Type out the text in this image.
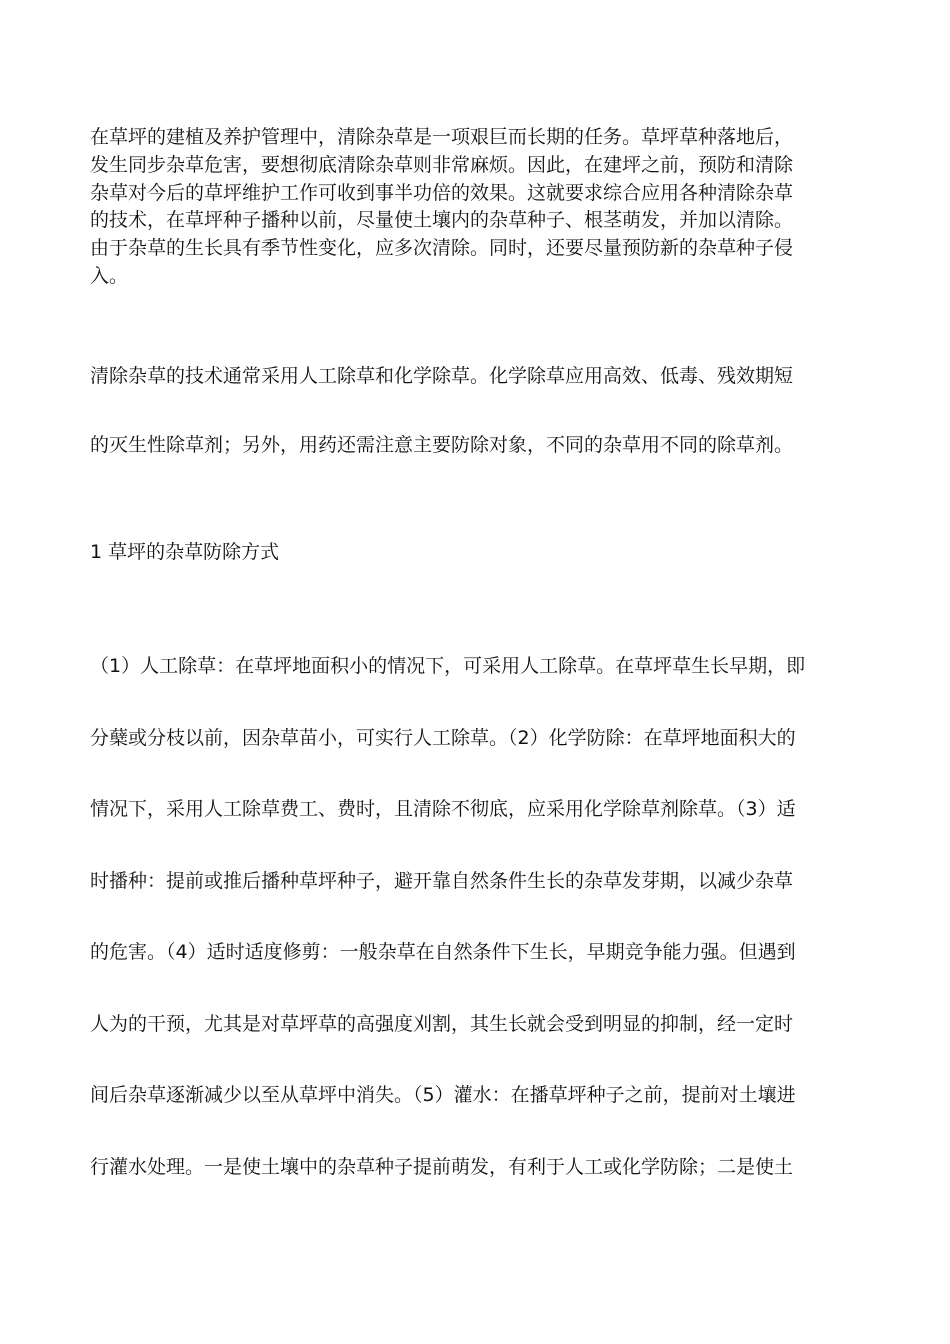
在草坪的建植及养护管理中，清除杂草是一项艰巨而长期的任务。草坪草种落地后，
发生同步杂草危害，要想彻底清除杂草则非常麻烦。因此，在建坪之前，预防和清除
杂草对今后的草坪维护工作可收到事半功倍的效果。这就要求综合应用各种清除杂草
的技术，在草坪种子播种以前，尽量使土壤内的杂草种子、根茎萌发，并加以清除。
由于杂草的生长具有季节性变化，应多次清除。同时，还要尽量预防新的杂草种子侵
入。
清除杂草的技术通常采用人工除草和化学除草。化学除草应用高效、低毒、残效期短
的灭生性除草剂；另外，用药还需注意主要防除对象，不同的杂草用不同的除草剂。
1 草坪的杂草防除方式
（1）人工除草：在草坪地面积小的情况下，可采用人工除草。在草坪草生长早期，即
分蘖或分枝以前，因杂草苗小，可实行人工除草。（2）化学防除：在草坪地面积大的
情况下，采用人工除草费工、费时，且清除不彻底，应采用化学除草剂除草。（3）适
时播种：提前或推后播种草坪种子，避开靠自然条件生长的杂草发芽期，以减少杂草
的危害。（4）适时适度修剪：一般杂草在自然条件下生长，早期竞争能力强。但遇到
人为的干预，尤其是对草坪草的高强度刈割，其生长就会受到明显的抑制，经一定时
间后杂草逐渐减少以至从草坪中消失。（5）灌水：在播草坪种子之前，提前对土壤进
行灌水处理。一是使土壤中的杂草种子提前萌发，有利于人工或化学防除；二是使土
